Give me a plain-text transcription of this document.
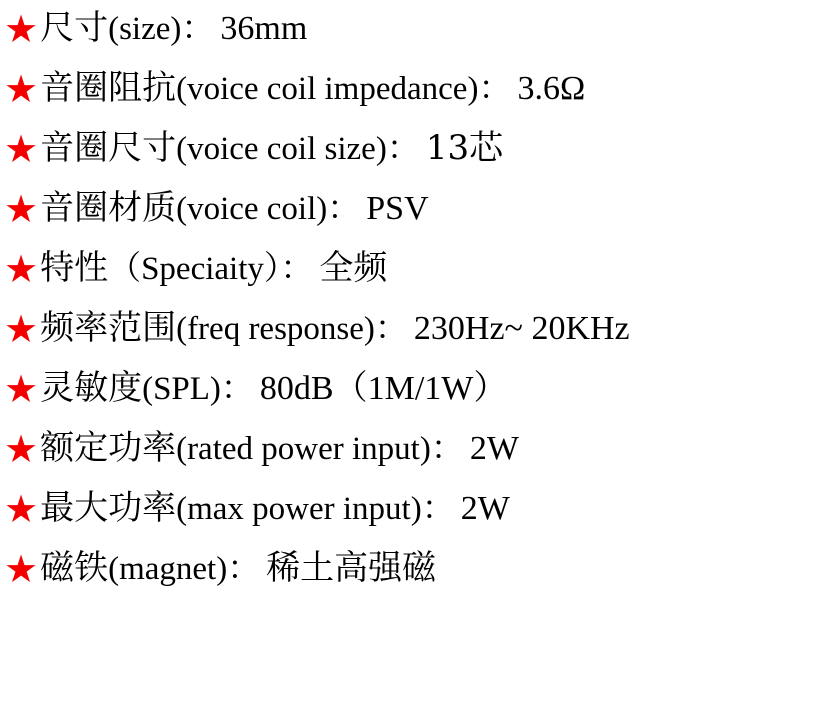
★ 尺寸(size)： 36mm
★ 音圈阻抗(voice coil impedance)： 3.6Ω
★ 音圈尺寸(voice coil size)： 13芯
★ 音圈材质(voice coil)： PSV
★ 特性（Speciaity）： 全频
★ 频率范围(freq response)： 230Hz~ 20KHz
★ 灵敏度(SPL)： 80dB（1M/1W）
★ 额定功率(rated power input)： 2W
★ 最大功率(max power input)： 2W
★ 磁铁(magnet)： 稀土高强磁
